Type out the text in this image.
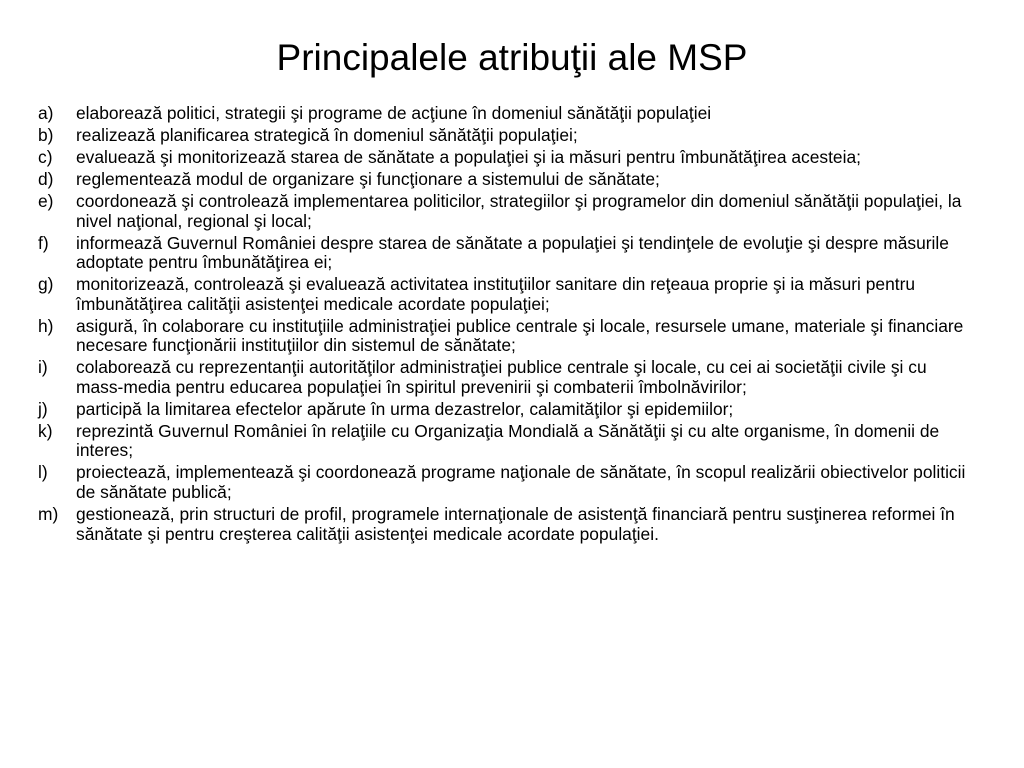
Principalele atribuţii ale MSP
a)	elaborează politici, strategii şi programe de acţiune în domeniul sănătăţii populaţiei
b)	realizează planificarea strategică în domeniul sănătăţii populaţiei;
c)	evaluează şi monitorizează starea de sănătate a populaţiei şi ia măsuri pentru îmbunătăţirea acesteia;
d)	reglementează modul de organizare şi funcţionare a sistemului de sănătate;
e)	coordonează şi controlează implementarea politicilor, strategiilor şi programelor din domeniul sănătăţii populaţiei, la nivel naţional, regional şi local;
f)	informează Guvernul României despre starea de sănătate a populaţiei şi tendinţele de evoluţie şi despre măsurile adoptate pentru îmbunătăţirea ei;
g)	monitorizează, controlează şi evaluează activitatea instituţiilor sanitare din reţeaua proprie şi ia măsuri pentru îmbunătăţirea calităţii asistenţei medicale acordate populaţiei;
h)	asigură, în colaborare cu instituţiile administraţiei publice centrale şi locale, resursele umane, materiale şi financiare necesare funcţionării instituţiilor din sistemul de sănătate;
i)	colaborează cu reprezentanţii autorităţilor administraţiei publice centrale şi locale, cu cei ai societăţii civile şi cu mass-media pentru educarea populaţiei în spiritul prevenirii şi combaterii îmbolnăvirilor;
j)	participă la limitarea efectelor apărute în urma dezastrelor, calamităţilor şi epidemiilor;
k)	reprezintă Guvernul României în relaţiile cu Organizaţia Mondială a Sănătăţii şi cu alte organisme, în domenii de interes;
l)	proiectează, implementează şi coordonează programe naţionale de sănătate, în scopul realizării obiectivelor politicii de sănătate publică;
m)	gestionează, prin structuri de profil, programele internaţionale de asistenţă financiară pentru susţinerea reformei în sănătate şi pentru creşterea calităţii asistenţei medicale acordate populaţiei.
